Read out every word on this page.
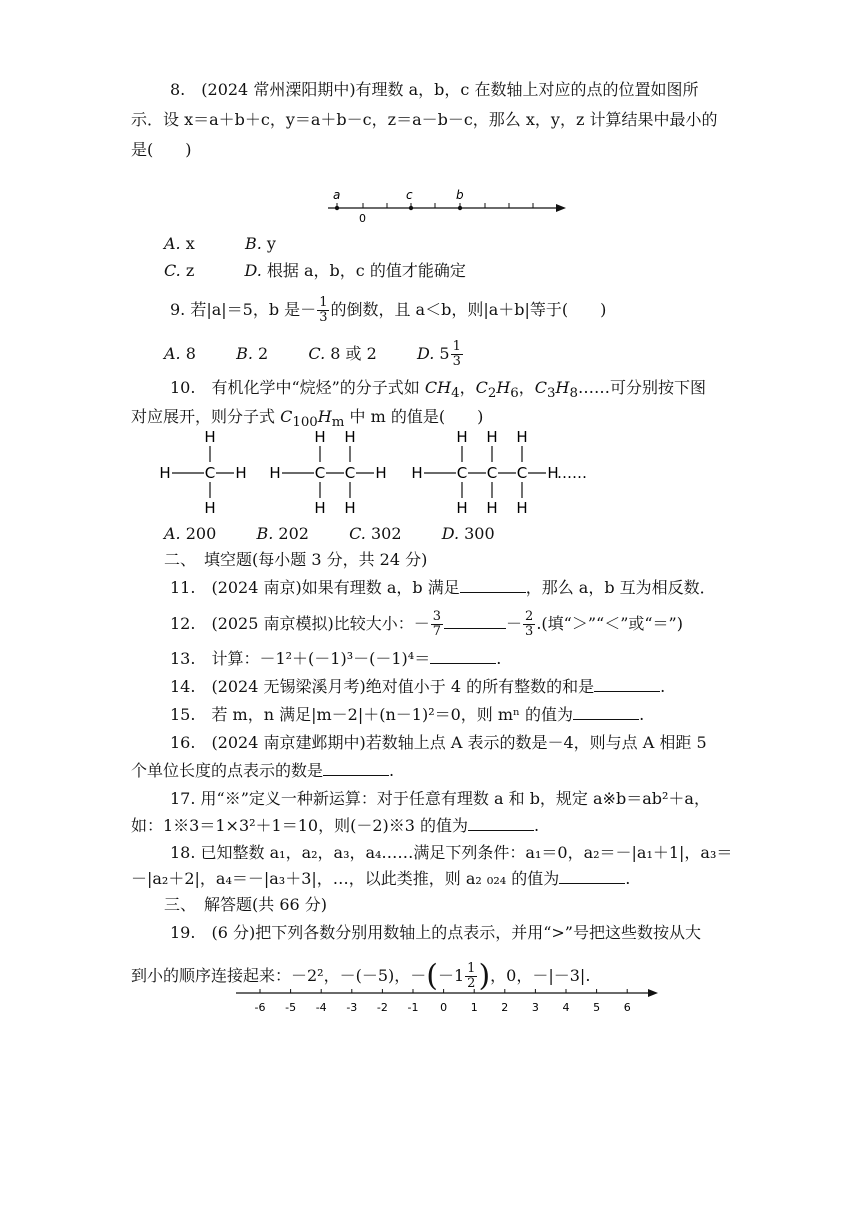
8.　(2024 常州溧阳期中)有理数 a，b，c 在数轴上对应的点的位置如图所
示．设 x＝a＋b＋c，y＝a＋b－c，z＝a－b－c，那么 x，y，z 计算结果中最小的
是(　　)
a	c	b
0
A. x	B. y
C. z	D. 根据 a，b，c 的值才能确定
9. 若|a|＝5，b 是－ $\frac{1}{3}$ 的倒数，且 a＜b，则|a＋b|等于(　　)
A. 8	B. 2	C. 8 或 2	D. $5 \frac{1}{3}$
10.　有机化学中“烷烃”的分子式如 $CH_4$，$C_2H_6$，$C_3H_8\dots\dots$可分别按下图
对应展开，则分子式 $C_{100}H_m$ 中 m 的值是(　　)
H C
H
H
H H C
H
H
C
H
H
H H C
H
H
C
H
H
C
H
H
H
……
A. 200	B. 202	C. 302	D. 300
二、　填空题(每小题 3 分，共 24 分)
11.　(2024 南京)如果有理数 a，b 满足	，那么 a，b 互为相反数．
12.　(2025 南京模拟)比较大小：－ $\frac{3}{7}$	－ $\frac{2}{3}$ .(填“＞”“＜”或“＝”)
13.　计算：－1²＋(－1)³－(－1)⁴＝	.
14.　(2024 无锡梁溪月考)绝对值小于 4 的所有整数的和是	.
15.　若 m，n 满足|m－2|＋(n－1)²＝0，则 mⁿ 的值为	.
16.　(2024 南京建邺期中)若数轴上点 A 表示的数是－4，则与点 A 相距 5
个单位长度的点表示的数是	.
17. 用“※”定义一种新运算：对于任意有理数 a 和 b，规定 a※b＝ab²＋a，
如：1※3＝1×3²＋1＝10，则(－2)※3 的值为	.
18. 已知整数 a₁，a₂，a₃，a₄……满足下列条件：a₁＝0，a₂＝－|a₁＋1|，a₃＝
－|a₂＋2|，a₄＝－|a₃＋3|，…，以此类推，则 a₂ ₀₂₄ 的值为	.
三、　解答题(共 66 分)
19.　(6 分)把下列各数分别用数轴上的点表示，并用“>”号把这些数按从大
到小的顺序连接起来：－2²，－(－5)，$-(-1 \frac{1}{2}$ )，0，－|－3|.
-6 -5 -4 -3 -2 -1 0 1 2 3 4 5 6
